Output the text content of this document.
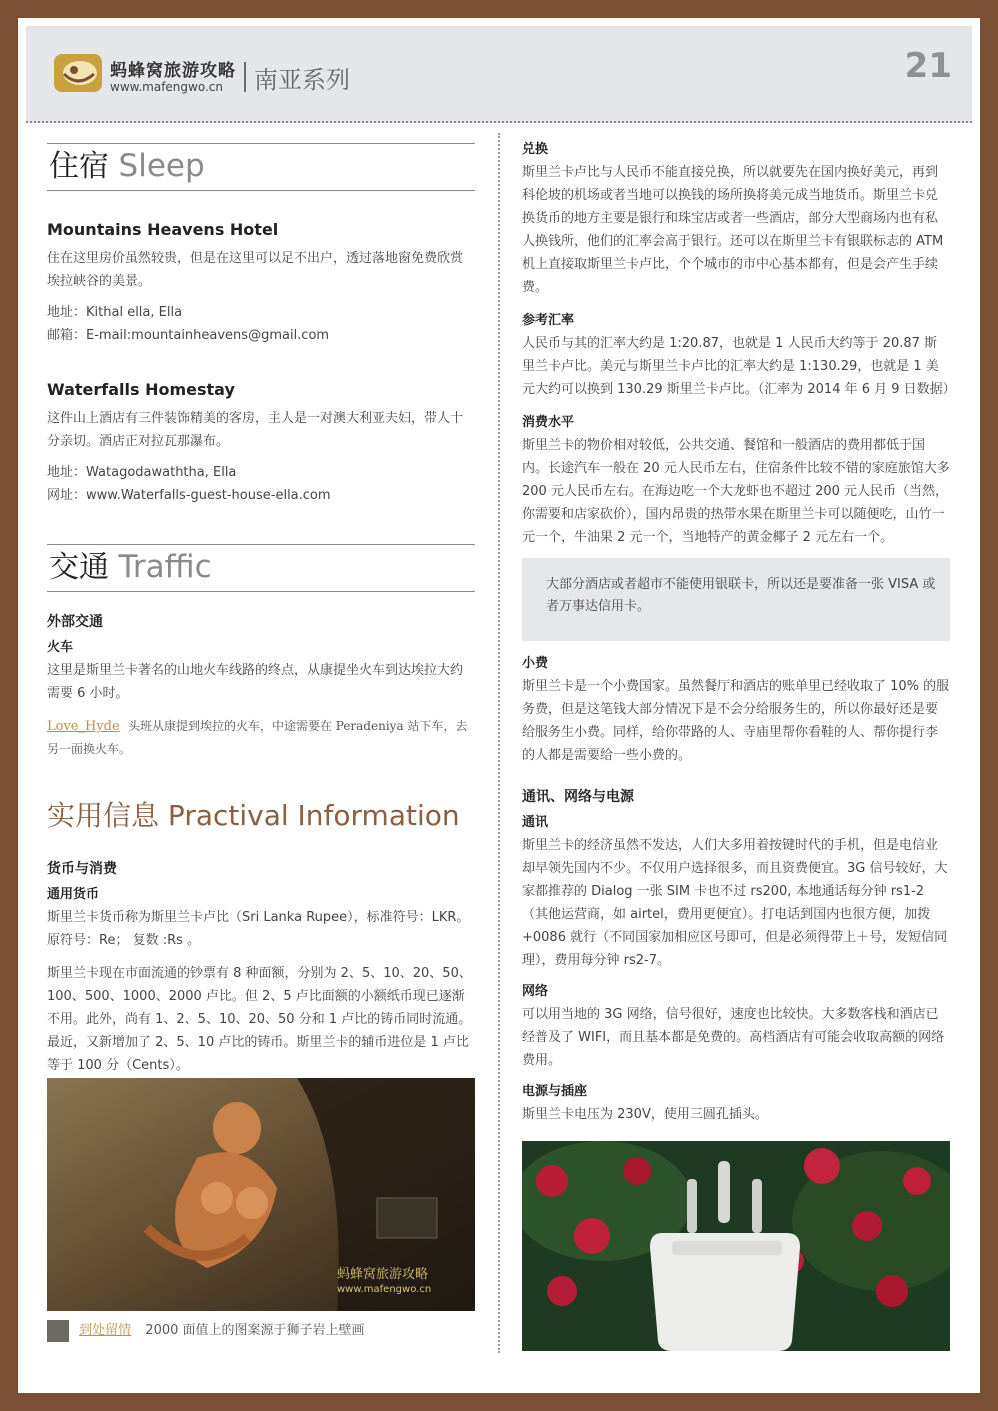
蚂蜂窝旅游攻略
www.mafengwo.cn 南亚系列	21
住宿 Sleep
Mountains Heavens Hotel

住在这里房价虽然较贵，但是在这里可以足不出户，透过落地窗免费欣赏埃拉峡谷的美景。

地址：Kithal ella, Ella

邮箱：E-mail:mountainheavens@gmail.com

Waterfalls Homestay

这件山上酒店有三件装饰精美的客房，主人是一对澳大利亚夫妇，带人十分亲切。酒店正对拉瓦那瀑布。

地址：Watagodawaththa, Ella

网址：www.Waterfalls-guest-house-ella.com

交通 Traffic
外部交通
火车

这里是斯里兰卡著名的山地火车线路的终点，从康提坐火车到达埃拉大约需要 6 小时。

Love_Hyde 头班从康提到埃拉的火车，中途需要在 Peradeniya 站下车，去另一面换火车。

实用信息 Practival Information
货币与消费
通用货币

斯里兰卡货币称为斯里兰卡卢比（Sri Lanka Rupee），标准符号：LKR。原符号：Re； 复数 :Rs 。

斯里兰卡现在市面流通的钞票有 8 种面额，分别为 2、5、10、20、50、100、500、1000、2000 卢比。但 2、5 卢比面额的小额纸币现已逐渐不用。此外，尚有 1、2、5、10、20、50 分和 1 卢比的铸币同时流通。最近，又新增加了 2、5、10 卢比的铸币。斯里兰卡的辅币进位是 1 卢比等于 100 分（Cents）。

蚂蜂窝旅游攻略
www.mafengwo.cn
到处留情 2000 面值上的图案源于狮子岩上壁画
兑换

斯里兰卡卢比与人民币不能直接兑换，所以就要先在国内换好美元，再到科伦坡的机场或者当地可以换钱的场所换将美元成当地货币。斯里兰卡兑换货币的地方主要是银行和珠宝店或者一些酒店，部分大型商场内也有私人换钱所，他们的汇率会高于银行。还可以在斯里兰卡有银联标志的 ATM 机上直接取斯里兰卡卢比，个个城市的市中心基本都有，但是会产生手续费。

参考汇率

人民币与其的汇率大约是 1:20.87，也就是 1 人民币大约等于 20.87 斯里兰卡卢比。美元与斯里兰卡卢比的汇率大约是 1:130.29，也就是 1 美元大约可以换到 130.29 斯里兰卡卢比。（汇率为 2014 年 6 月 9 日数据）

消费水平

斯里兰卡的物价相对较低，公共交通、餐馆和一般酒店的费用都低于国内。长途汽车一般在 20 元人民币左右，住宿条件比较不错的家庭旅馆大多 200 元人民币左右。在海边吃一个大龙虾也不超过 200 元人民币（当然，你需要和店家砍价），国内昂贵的热带水果在斯里兰卡可以随便吃，山竹一元一个，牛油果 2 元一个，当地特产的黄金椰子 2 元左右一个。

大部分酒店或者超市不能使用银联卡，所以还是要准备一张 VISA 或者万事达信用卡。

小费

斯里兰卡是一个小费国家。虽然餐厅和酒店的账单里已经收取了 10% 的服务费，但是这笔钱大部分情况下是不会分给服务生的，所以你最好还是要给服务生小费。同样，给你带路的人、寺庙里帮你看鞋的人、帮你提行李的人都是需要给一些小费的。

通讯、网络与电源
通讯

斯里兰卡的经济虽然不发达，人们大多用着按键时代的手机，但是电信业却早领先国内不少。不仅用户选择很多，而且资费便宜。3G 信号较好，大家都推荐的 Dialog 一张 SIM 卡也不过 rs200, 本地通话每分钟 rs1-2（其他运营商，如 airtel，费用更便宜）。打电话到国内也很方便，加拨 +0086 就行（不同国家加相应区号即可，但是必须得带上＋号，发短信同理），费用每分钟 rs2-7。

网络

可以用当地的 3G 网络，信号很好，速度也比较快。大多数客栈和酒店已经普及了 WIFI，而且基本都是免费的。高档酒店有可能会收取高额的网络费用。

电源与插座

斯里兰卡电压为 230V，使用三圆孔插头。
